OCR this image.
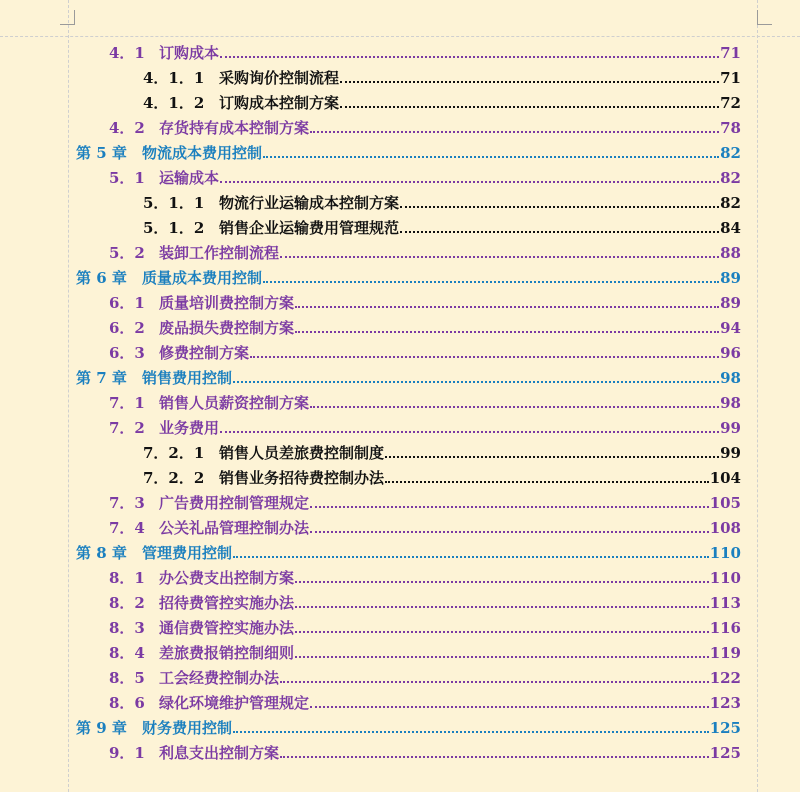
4．1 订购成本	71
4．1．1 采购询价控制流程	71
4．1．2 订购成本控制方案	72
4．2 存货持有成本控制方案	78
第 5 章	物流成本费用控制	82
5．1 运输成本	82
5．1．1 物流行业运输成本控制方案	82
5．1．2 销售企业运输费用管理规范	84
5．2 装卸工作控制流程	88
第 6 章	质量成本费用控制	89
6．1 质量培训费控制方案	89
6．2 废品损失费控制方案	94
6．3 修费控制方案	96
第 7 章	销售费用控制	98
7．1 销售人员薪资控制方案	98
7．2 业务费用	99
7．2．1 销售人员差旅费控制制度	99
7．2．2 销售业务招待费控制办法	104
7．3 广告费用控制管理规定	105
7．4 公关礼品管理控制办法	108
第 8 章	管理费用控制	110
8．1 办公费支出控制方案	110
8．2 招待费管控实施办法	113
8．3 通信费管控实施办法	116
8．4 差旅费报销控制细则	119
8．5 工会经费控制办法	122
8．6 绿化环境维护管理规定	123
第 9 章	财务费用控制	125
9．1 利息支出控制方案	125
